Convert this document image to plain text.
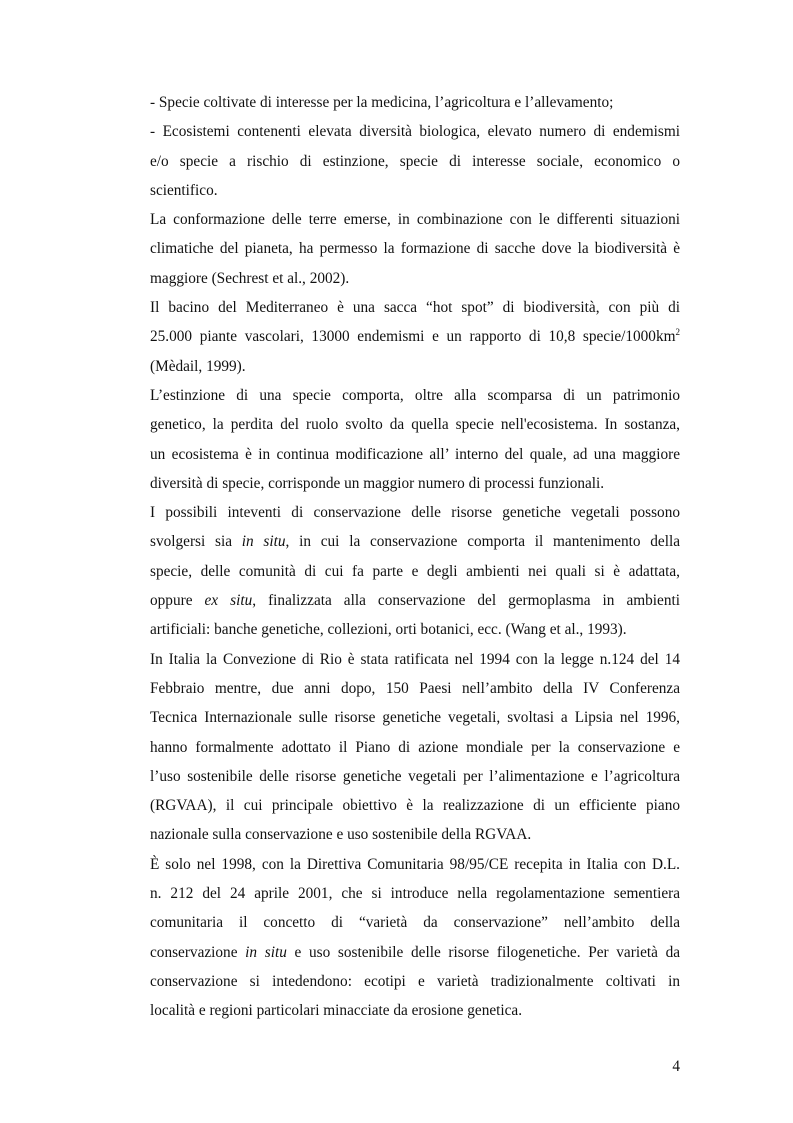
- Specie coltivate di interesse per la medicina, l’agricoltura e l’allevamento;

- Ecosistemi contenenti elevata diversità biologica, elevato numero di endemismi
e/o specie a rischio di estinzione, specie di interesse sociale, economico o
scientifico.

La conformazione delle terre emerse, in combinazione con le differenti situazioni
climatiche del pianeta, ha permesso la formazione di sacche dove la biodiversità è
maggiore (Sechrest et al., 2002).

Il bacino del Mediterraneo è una sacca “hot spot” di biodiversità, con più di
25.000 piante vascolari, 13000 endemismi e un rapporto di 10,8 specie/$1000km^2$
(Mèdail, 1999).

L’estinzione di una specie comporta, oltre alla scomparsa di un patrimonio
genetico, la perdita del ruolo svolto da quella specie nell'ecosistema. In sostanza,
un ecosistema è in continua modificazione all’ interno del quale, ad una maggiore
diversità di specie, corrisponde un maggior numero di processi funzionali.

I possibili inteventi di conservazione delle risorse genetiche vegetali possono
svolgersi sia in situ, in cui la conservazione comporta il mantenimento della
specie, delle comunità di cui fa parte e degli ambienti nei quali si è adattata,
oppure ex situ, finalizzata alla conservazione del germoplasma in ambienti
artificiali: banche genetiche, collezioni, orti botanici, ecc. (Wang et al., 1993).

In Italia la Convezione di Rio è stata ratificata nel 1994 con la legge n.124 del 14
Febbraio mentre, due anni dopo, 150 Paesi nell’ambito della IV Conferenza
Tecnica Internazionale sulle risorse genetiche vegetali, svoltasi a Lipsia nel 1996,
hanno formalmente adottato il Piano di azione mondiale per la conservazione e
l’uso sostenibile delle risorse genetiche vegetali per l’alimentazione e l’agricoltura
(RGVAA), il cui principale obiettivo è la realizzazione di un efficiente piano
nazionale sulla conservazione e uso sostenibile della RGVAA.

È solo nel 1998, con la Direttiva Comunitaria 98/95/CE recepita in Italia con D.L.
n. 212 del 24 aprile 2001, che si introduce nella regolamentazione sementiera
comunitaria il concetto di “varietà da conservazione” nell’ambito della
conservazione in situ e uso sostenibile delle risorse filogenetiche. Per varietà da
conservazione si intedendono: ecotipi e varietà tradizionalmente coltivati in
località e regioni particolari minacciate da erosione genetica.

4
